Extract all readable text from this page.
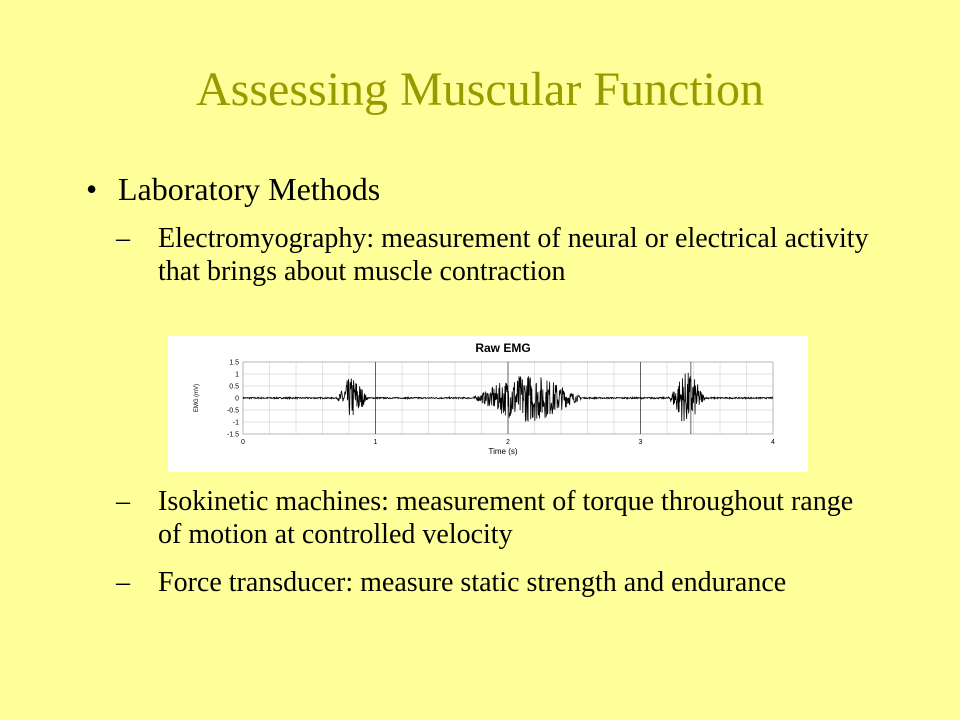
Assessing Muscular Function
• Laboratory Methods
–	Electromyography: measurement of neural or electrical activity that brings about muscle contraction
1.5
1
0.5
0
-0.5
-1
-1.5
0	1	2	3	4
Raw EMG
Time (s)
EMG (mV)
–	Isokinetic machines: measurement of torque throughout range of motion at controlled velocity
–	Force transducer: measure static strength and endurance
